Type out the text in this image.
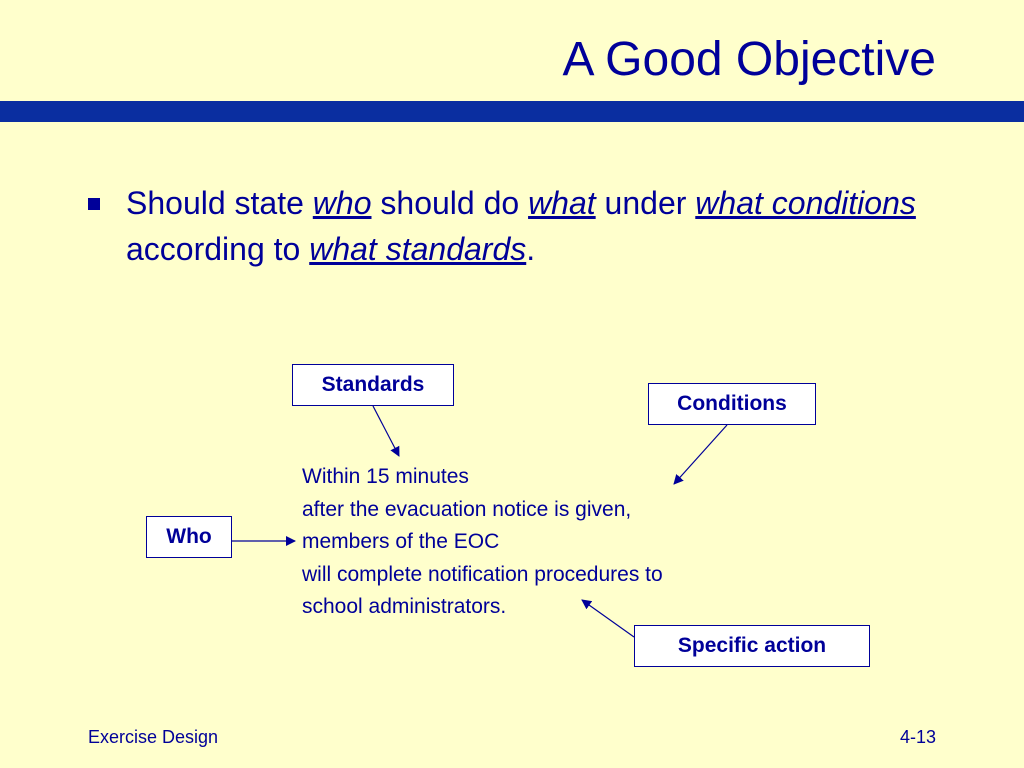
A Good Objective
Should state who should do what under what conditions according to what standards.
Standards
Conditions
Who
Specific action
Within 15 minutes
after the evacuation notice is given,
members of the EOC
will complete notification procedures to
school administrators.
Exercise Design	4-13
